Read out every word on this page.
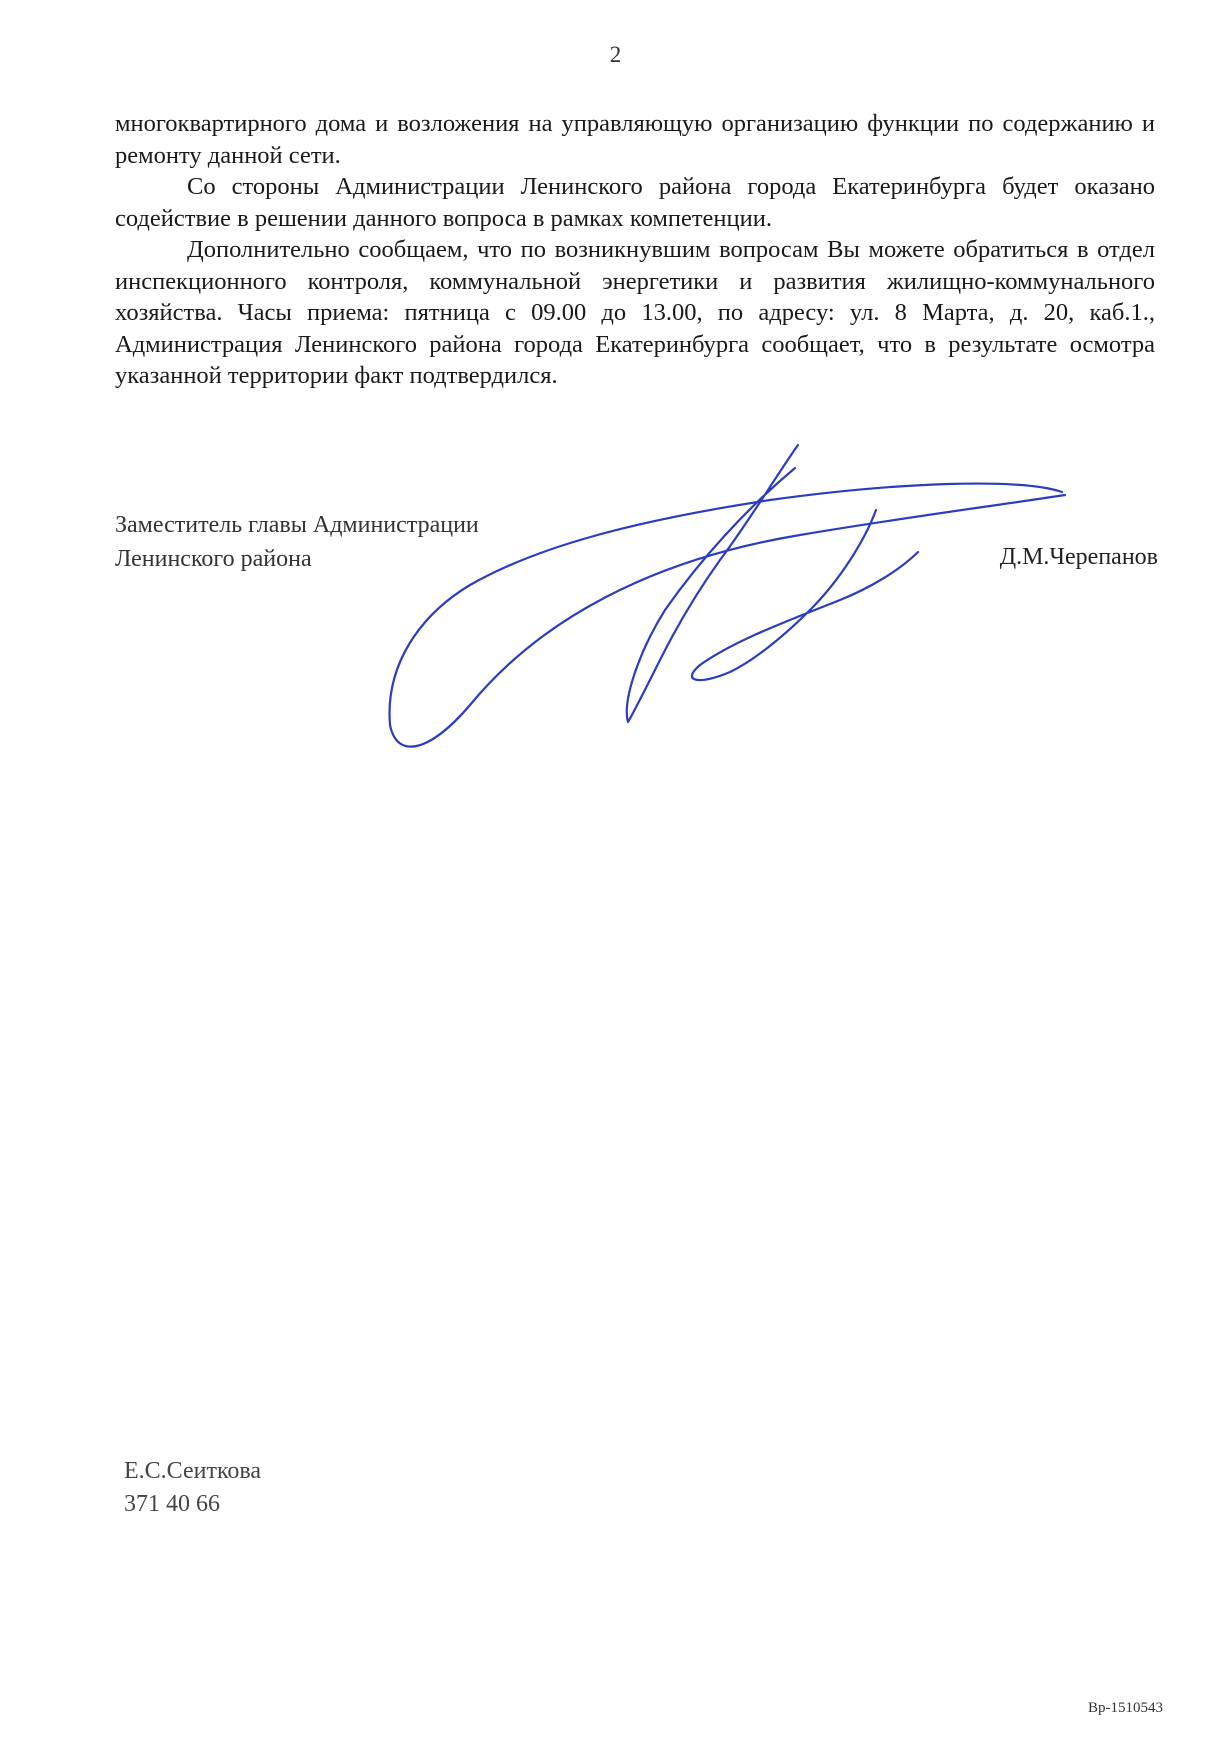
2

многоквартирного дома и возложения на управляющую организацию функции по содержанию и ремонту данной сети.

Со стороны Администрации Ленинского района города Екатеринбурга будет оказано содействие в решении данного вопроса в рамках компетенции.

Дополнительно сообщаем, что по возникнувшим вопросам Вы можете обратиться в отдел инспекционного контроля, коммунальной энергетики и развития жилищно-коммунального хозяйства. Часы приема: пятница с 09.00 до 13.00, по адресу: ул. 8 Марта, д. 20, каб.1., Администрация Ленинского района города Екатеринбурга сообщает, что в результате осмотра указанной территории факт подтвердился.

Заместитель главы Администрации
Ленинского района	Д.М.Черепанов
Е.С.Сеиткова
371 40 66
Вр-1510543
